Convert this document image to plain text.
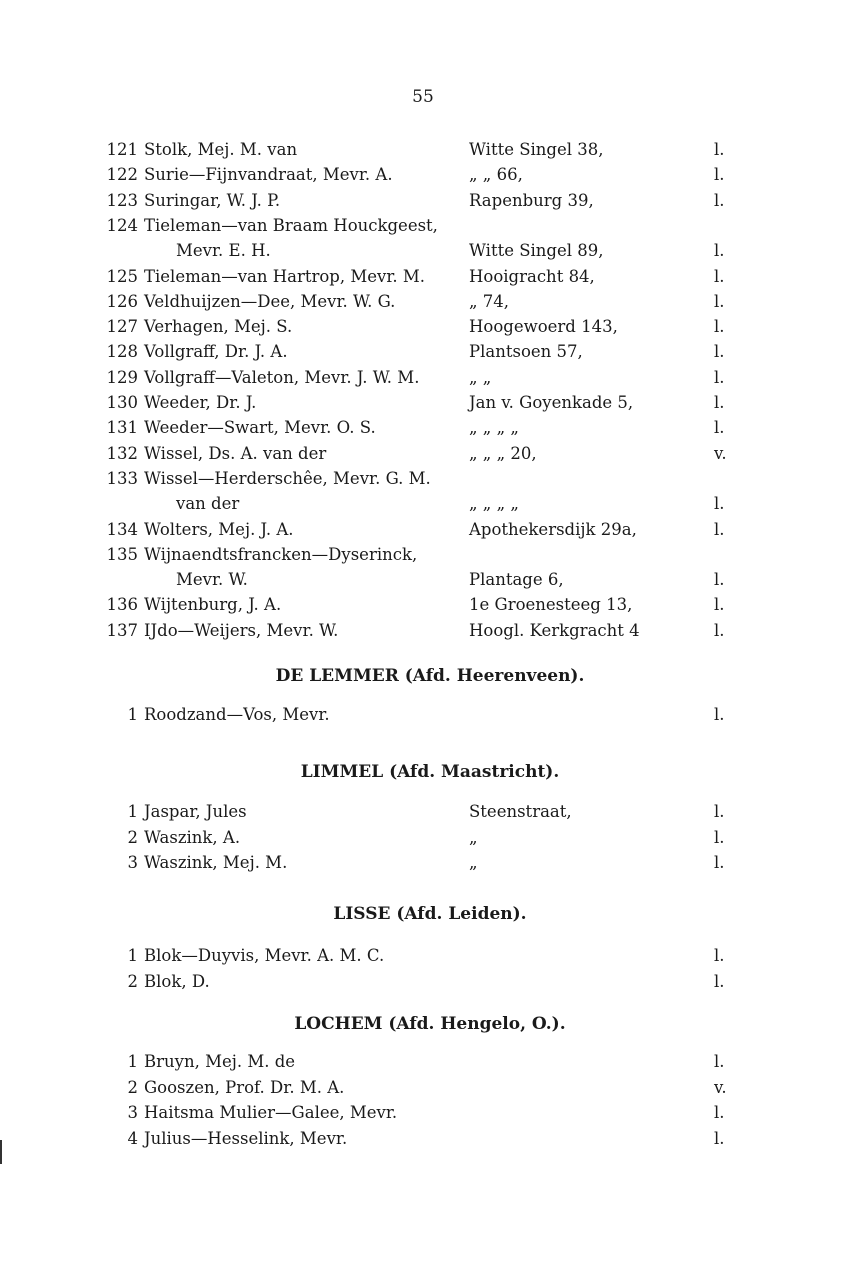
55
121 Stolk, Mej. M. van	Witte Singel 38,	l.
122 Surie—Fijnvandraat, Mevr. A.	„ „ 66,	l.
123 Suringar, W. J. P.	Rapenburg 39,	l.
124 Tieleman—van Braam Houckgeest,
Mevr. E. H.	Witte Singel 89,	l.
125 Tieleman—van Hartrop, Mevr. M.	Hooigracht 84,	l.
126 Veldhuijzen—Dee, Mevr. W. G.	„ 74,	l.
127 Verhagen, Mej. S.	Hoogewoerd 143,	l.
128 Vollgraff, Dr. J. A.	Plantsoen 57,	l.
129 Vollgraff—Valeton, Mevr. J. W. M.	„ „	l.
130 Weeder, Dr. J.	Jan v. Goyenkade 5,	l.
131 Weeder—Swart, Mevr. O. S.	„ „ „ „	l.
132 Wissel, Ds. A. van der	„ „ „ 20,	v.
133 Wissel—Herderschêe, Mevr. G. M.
van der	„ „ „ „	l.
134 Wolters, Mej. J. A.	Apothekersdijk 29a,	l.
135 Wijnaendtsfrancken—Dyserinck,
Mevr. W.	Plantage 6,	l.
136 Wijtenburg, J. A.	1e Groenesteeg 13,	l.
137 IJdo—Weijers, Mevr. W.	Hoogl. Kerkgracht 4	l.
DE LEMMER (Afd. Heerenveen).
1 Roodzand—Vos, Mevr.	l.
LIMMEL (Afd. Maastricht).
1 Jaspar, Jules	Steenstraat,	l.
2 Waszink, A.	„	l.
3 Waszink, Mej. M.	„	l.
LISSE (Afd. Leiden).
1 Blok—Duyvis, Mevr. A. M. C.	l.
2 Blok, D.	l.
LOCHEM (Afd. Hengelo, O.).
1 Bruyn, Mej. M. de	l.
2 Gooszen, Prof. Dr. M. A.	v.
3 Haitsma Mulier—Galee, Mevr.	l.
4 Julius—Hesselink, Mevr.	l.
